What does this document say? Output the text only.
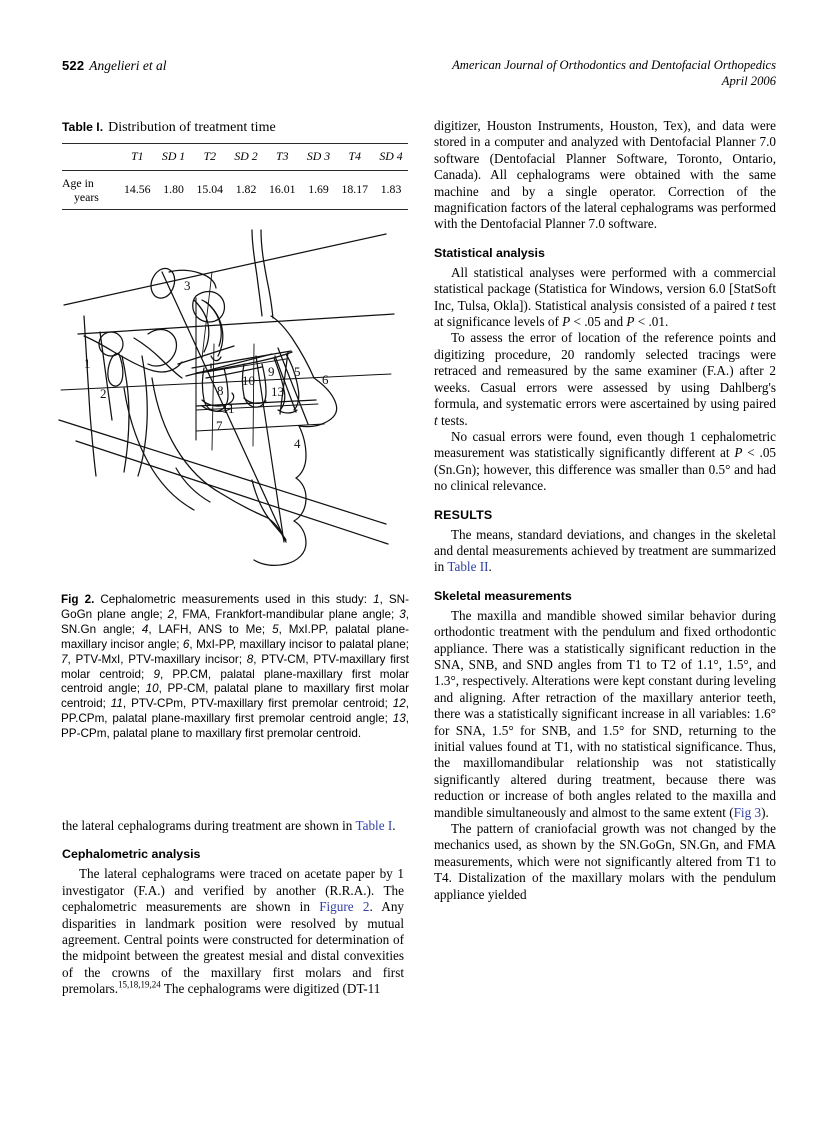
522 Angelieri et al	American Journal of Orthodontics and Dentofacial Orthopedics
April 2006
Table I. Distribution of treatment time
	T1	SD 1	T2	SD 2	T3	SD 3	T4	SD 4
Age in
years	14.56	1.80	15.04	1.82	16.01	1.69	18.17	1.83
1
2
3
4
5
6
7
8
9
10
11
13
Fig 2. Cephalometric measurements used in this study: 1, SN-GoGn plane angle; 2, FMA, Frankfort-mandibular plane angle; 3, SN.Gn angle; 4, LAFH, ANS to Me; 5, MxI.PP, palatal plane-maxillary incisor angle; 6, MxI-PP, maxillary incisor to palatal plane; 7, PTV-MxI, PTV-maxillary incisor; 8, PTV-CM, PTV-maxillary first molar centroid; 9, PP.CM, palatal plane-maxillary first molar centroid angle; 10, PP-CM, palatal plane to maxillary first molar centroid; 11, PTV-CPm, PTV-maxillary first premolar centroid; 12, PP.CPm, palatal plane-maxillary first premolar centroid angle; 13, PP-CPm, palatal plane to maxillary first premolar centroid.

the lateral cephalograms during treatment are shown in Table I.

Cephalometric analysis

The lateral cephalograms were traced on acetate paper by 1 investigator (F.A.) and verified by another (R.R.A.). The cephalometric measurements are shown in Figure 2. Any disparities in landmark position were resolved by mutual agreement. Central points were constructed for determination of the midpoint between the greatest mesial and distal convexities of the crowns of the maxillary first molars and first premolars.$^{15,18,19,24}$ The cephalograms were digitized (DT-11

digitizer, Houston Instruments, Houston, Tex), and data were stored in a computer and analyzed with Dentofacial Planner 7.0 software (Dentofacial Planner Software, Toronto, Ontario, Canada). All cephalograms were obtained with the same machine and by a single operator. Correction of the magnification factors of the lateral cephalograms was performed with the Dentofacial Planner 7.0 software.

Statistical analysis

All statistical analyses were performed with a commercial statistical package (Statistica for Windows, version 6.0 [StatSoft Inc, Tulsa, Okla]). Statistical analysis consisted of a paired t test at significance levels of P < .05 and P < .01.

To assess the error of location of the reference points and digitizing procedure, 20 randomly selected tracings were retraced and remeasured by the same examiner (F.A.) after 2 weeks. Casual errors were assessed by using Dahlberg's formula, and systematic errors were ascertained by using paired t tests.

No casual errors were found, even though 1 cephalometric measurement was statistically significantly different at P < .05 (Sn.Gn); however, this difference was smaller than 0.5° and had no clinical relevance.

RESULTS

The means, standard deviations, and changes in the skeletal and dental measurements achieved by treatment are summarized in Table II.

Skeletal measurements

The maxilla and mandible showed similar behavior during orthodontic treatment with the pendulum and fixed orthodontic appliance. There was a statistically significant reduction in the SNA, SNB, and SND angles from T1 to T2 of 1.1°, 1.5°, and 1.3°, respectively. Alterations were kept constant during leveling and aligning. After retraction of the maxillary anterior teeth, there was a statistically significant increase in all variables: 1.6° for SNA, 1.5° for SNB, and 1.5° for SND, returning to the initial values found at T1, with no statistical significance. Thus, the maxillomandibular relationship was not statistically significantly altered during treatment, because there was reduction or increase of both angles related to the maxilla and mandible simultaneously and almost to the same extent (Fig 3).

The pattern of craniofacial growth was not changed by the mechanics used, as shown by the SN.GoGn, SN.Gn, and FMA measurements, which were not significantly altered from T1 to T4. Distalization of the maxillary molars with the pendulum appliance yielded
